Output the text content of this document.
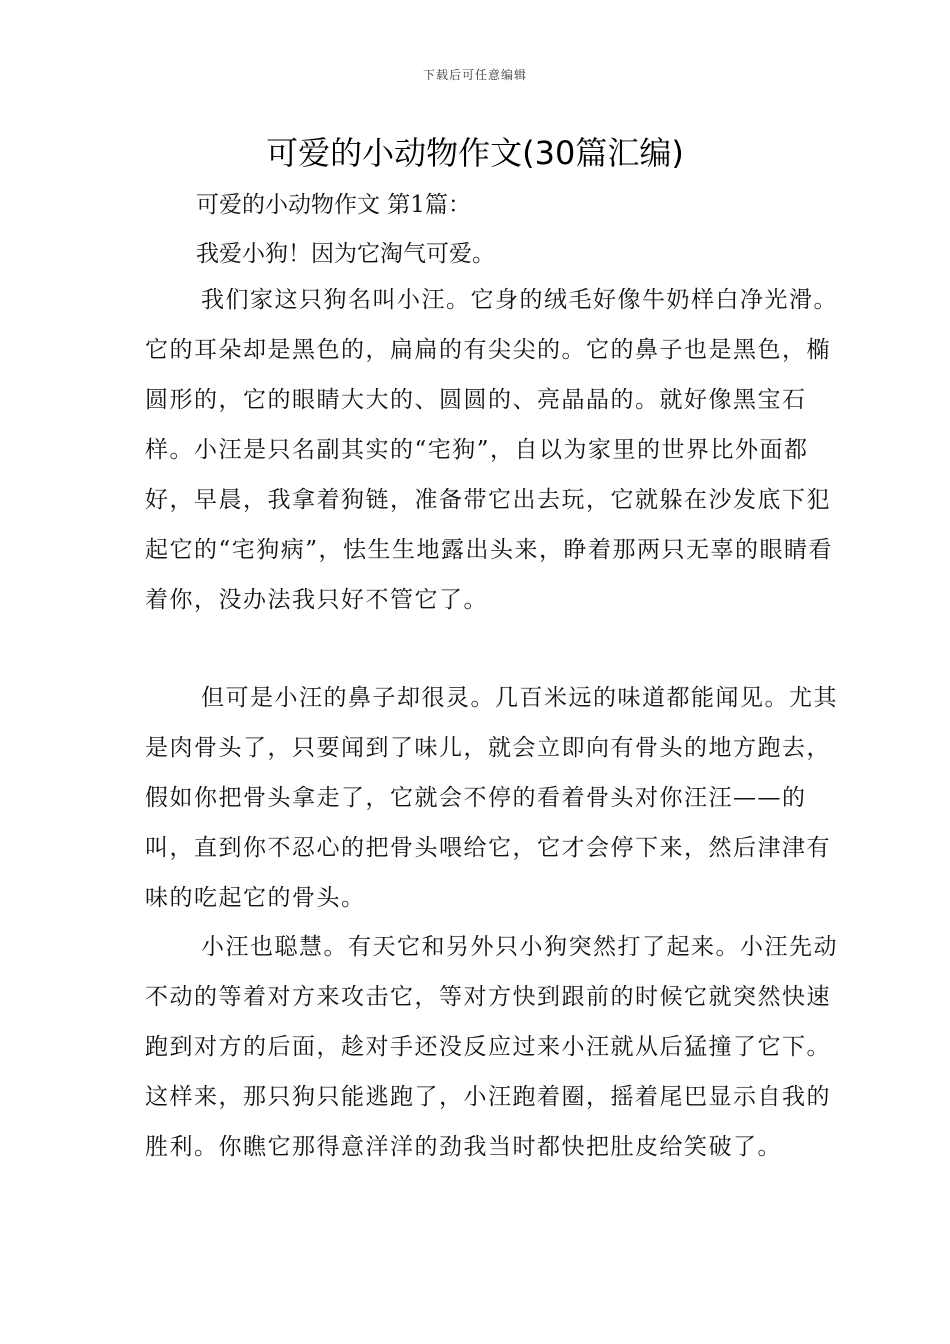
下载后可任意编辑
可爱的小动物作文(30篇汇编)

可爱的小动物作文 第1篇：

我爱小狗！因为它淘气可爱。

我们家这只狗名叫小汪。它身的绒毛好像牛奶样白净光滑。它的耳朵却是黑色的，扁扁的有尖尖的。它的鼻子也是黑色，椭圆形的，它的眼睛大大的、圆圆的、亮晶晶的。就好像黑宝石样。小汪是只名副其实的“宅狗”，自以为家里的世界比外面都好，早晨，我拿着狗链，准备带它出去玩，它就躲在沙发底下犯起它的“宅狗病”，怯生生地露出头来，睁着那两只无辜的眼睛看着你，没办法我只好不管它了。

但可是小汪的鼻子却很灵。几百米远的味道都能闻见。尤其是肉骨头了，只要闻到了味儿，就会立即向有骨头的地方跑去，假如你把骨头拿走了，它就会不停的看着骨头对你汪汪——的叫，直到你不忍心的把骨头喂给它，它才会停下来，然后津津有味的吃起它的骨头。

小汪也聪慧。有天它和另外只小狗突然打了起来。小汪先动不动的等着对方来攻击它，等对方快到跟前的时候它就突然快速跑到对方的后面，趁对手还没反应过来小汪就从后猛撞了它下。这样来，那只狗只能逃跑了，小汪跑着圈，摇着尾巴显示自我的胜利。你瞧它那得意洋洋的劲我当时都快把肚皮给笑破了。
